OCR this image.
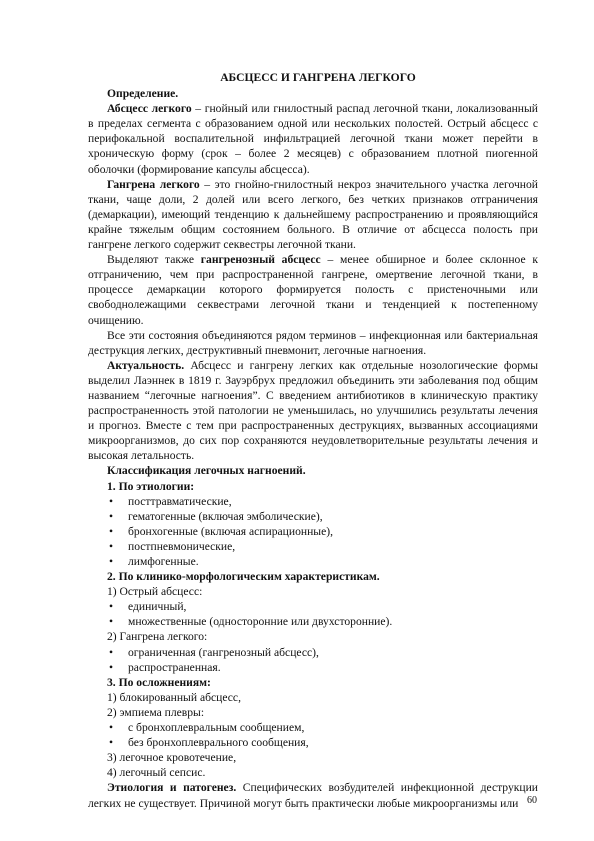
АБСЦЕСС И ГАНГРЕНА ЛЕГКОГО

Определение.

Абсцесс легкого – гнойный или гнилостный распад легочной ткани, локализованный в пределах сегмента с образованием одной или нескольких полостей. Острый абсцесс с перифокальной воспалительной инфильтрацией легочной ткани может перейти в хроническую форму (срок – более 2 месяцев) с образованием плотной пиогенной оболочки (формирование капсулы абсцесса).

Гангрена легкого – это гнойно-гнилостный некроз значительного участка легочной ткани, чаще доли, 2 долей или всего легкого, без четких признаков отграничения (демаркации), имеющий тенденцию к дальнейшему распространению и проявляющийся крайне тяжелым общим состоянием больного. В отличие от абсцесса полость при гангрене легкого содержит секвестры легочной ткани.

Выделяют также гангренозный абсцесс – менее обширное и более склонное к отграничению, чем при распространенной гангрене, омертвение легочной ткани, в процессе демаркации которого формируется полость с пристеночными или свободнолежащими секвестрами легочной ткани и тенденцией к постепенному очищению.

Все эти состояния объединяются рядом терминов – инфекционная или бактериальная деструкция легких, деструктивный пневмонит, легочные нагноения.

Актуальность. Абсцесс и гангрену легких как отдельные нозологические формы выделил Лаэннек в 1819 г. Зауэрбрух предложил объединить эти заболевания под общим названием “легочные нагноения”. С введением антибиотиков в клиническую практику распространенность этой патологии не уменьшилась, но улучшились результаты лечения и прогноз. Вместе с тем при распространенных деструкциях, вызванных ассоциациями микроорганизмов, до сих пор сохраняются неудовлетворительные результаты лечения и высокая летальность.

Классификация легочных нагноений.

1. По этиологии:

• посттравматические,
• гематогенные (включая эмболические),
• бронхогенные (включая аспирационные),
• постпневмонические,
• лимфогенные.

2. По клинико-морфологическим характеристикам.

1) Острый абсцесс:

• единичный,
• множественные (односторонние или двухсторонние).

2) Гангрена легкого:

• ограниченная (гангренозный абсцесс),
• распространенная.

3. По осложнениям:

1) блокированный абсцесс,

2) эмпиема плевры:

• с бронхоплевральным сообщением,
• без бронхоплеврального сообщения,

3) легочное кровотечение,

4) легочный сепсис.

Этиология и патогенез. Специфических возбудителей инфекционной деструкции легких не существует. Причиной могут быть практически любые микроорганизмы или 60
